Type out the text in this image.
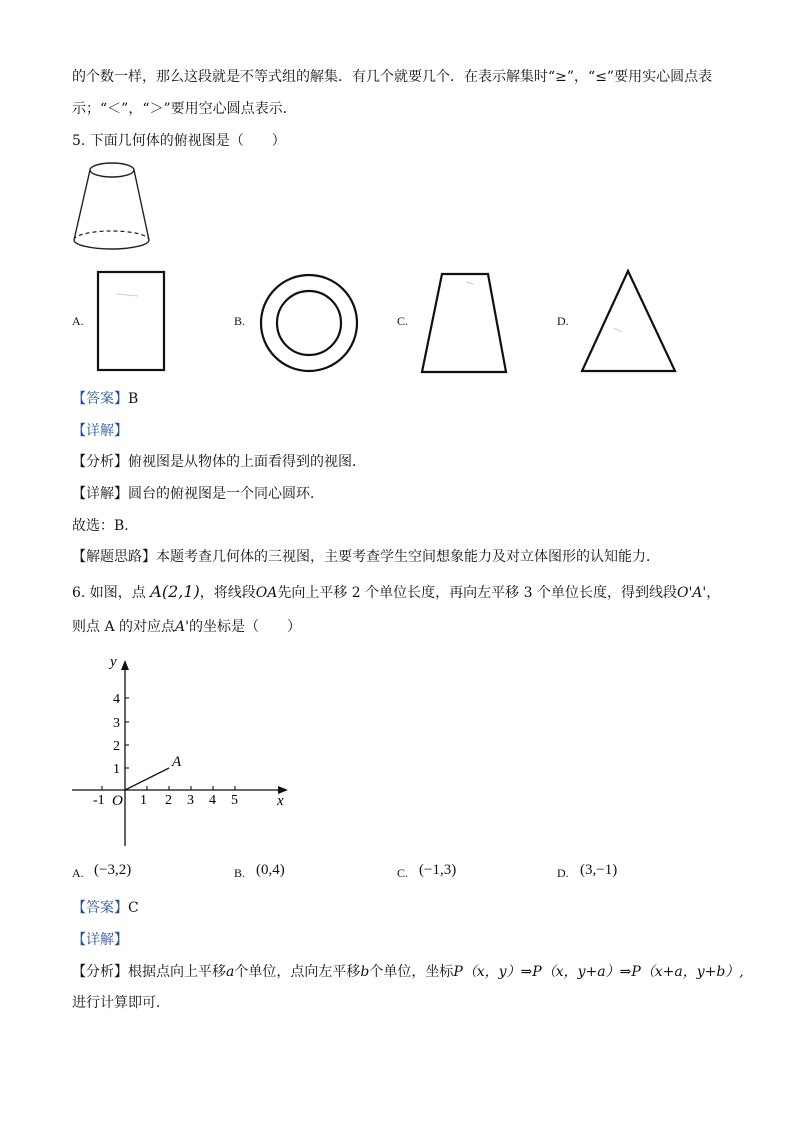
的个数一样，那么这段就是不等式组的解集．有几个就要几个．在表示解集时“≥”，“≤”要用实心圆点表
示；“＜”，“＞”要用空心圆点表示．
5. 下面几何体的俯视图是（　　）
A.	B.	C.	D.
【答案】B
【详解】
【分析】俯视图是从物体的上面看得到的视图．
【详解】圆台的俯视图是一个同心圆环．
故选：B．
【解题思路】本题考查几何体的三视图，主要考查学生空间想象能力及对立体图形的认知能力．
6. 如图，点 A(2,1)，将线段OA先向上平移 2 个单位长度，再向左平移 3 个单位长度，得到线段O'A'，
则点 A 的对应点A'的坐标是（　　）
y
x
O
-1	1 2 3 4 5
1
2
3
4
A
A. (−3,2)	B. (0,4)	C. (−1,3)	D. (3,−1)
【答案】C
【详解】
【分析】根据点向上平移a个单位，点向左平移b个单位，坐标P（x，y）⇒P（x，y+a）⇒P（x+a，y+b）,
进行计算即可．
